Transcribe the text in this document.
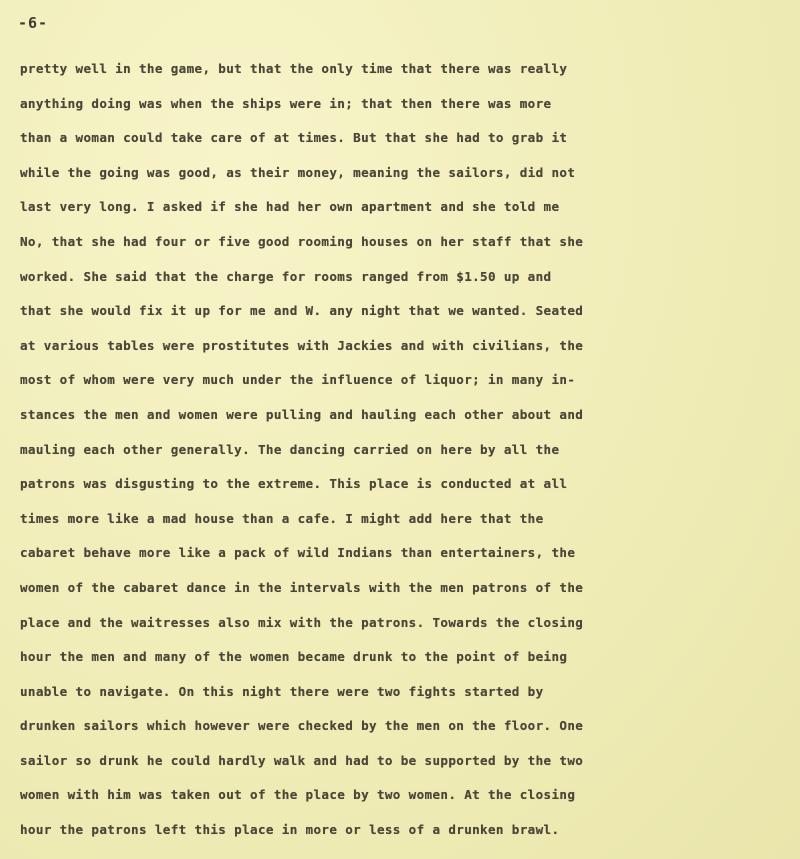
-6-
pretty well in the game, but that the only time that there was really
anything doing was when the ships were in; that then there was more
than a woman could take care of at times. But that she had to grab it
while the going was good, as their money, meaning the sailors, did not
last very long. I asked if she had her own apartment and she told me
No, that she had four or five good rooming houses on her staff that she
worked. She said that the charge for rooms ranged from $1.50 up and
that she would fix it up for me and W. any night that we wanted. Seated
at various tables were prostitutes with Jackies and with civilians, the
most of whom were very much under the influence of liquor; in many in-
stances the men and women were pulling and hauling each other about and
mauling each other generally. The dancing carried on here by all the
patrons was disgusting to the extreme. This place is conducted at all
times more like a mad house than a cafe. I might add here that the
cabaret behave more like a pack of wild Indians than entertainers, the
women of the cabaret dance in the intervals with the men patrons of the
place and the waitresses also mix with the patrons. Towards the closing
hour the men and many of the women became drunk to the point of being
unable to navigate. On this night there were two fights started by
drunken sailors which however were checked by the men on the floor. One
sailor so drunk he could hardly walk and had to be supported by the two
women with him was taken out of the place by two women. At the closing
hour the patrons left this place in more or less of a drunken brawl.
